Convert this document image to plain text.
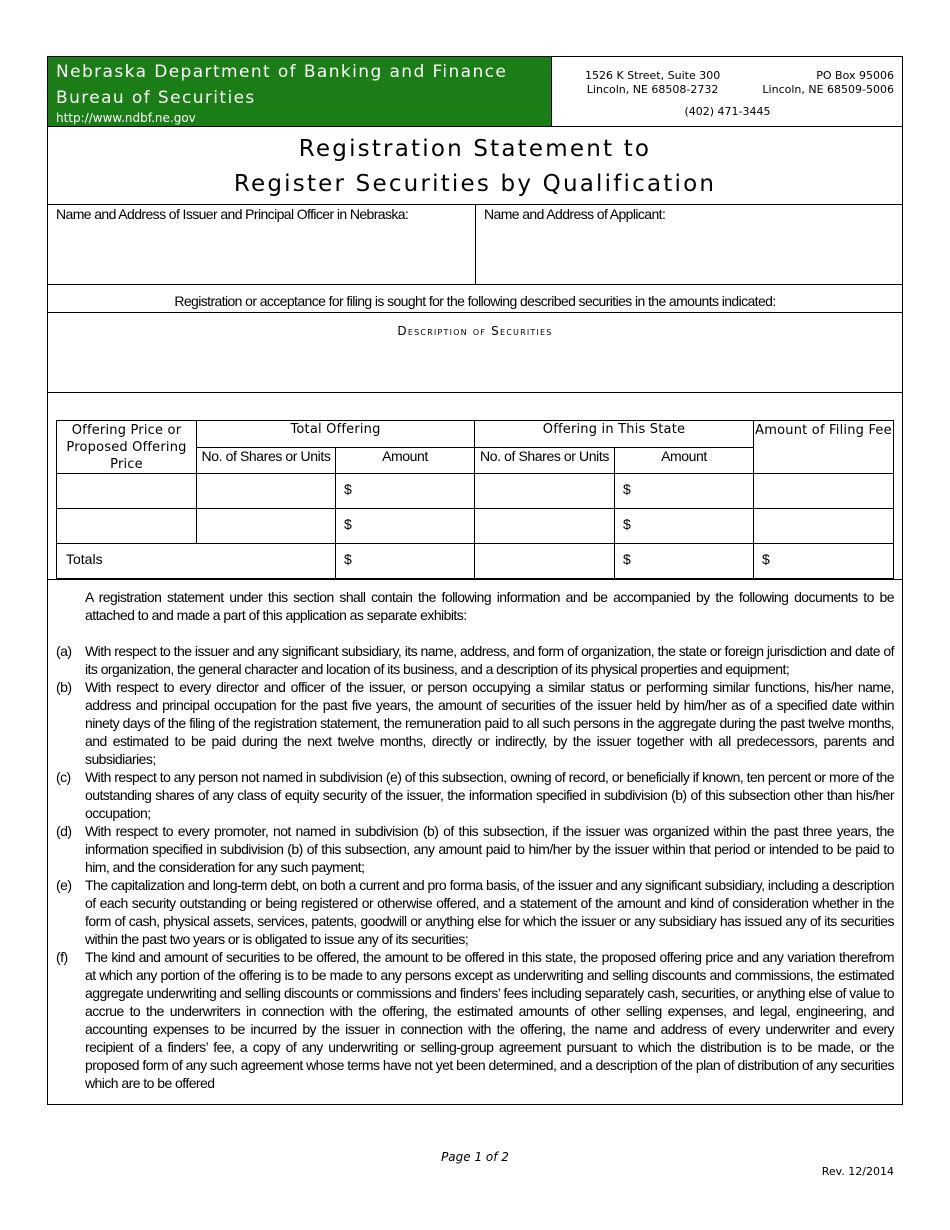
Nebraska Department of Banking and Finance
Bureau of Securities
http://www.ndbf.ne.gov
1526 K Street, Suite 300
Lincoln, NE 68508-2732
PO Box 95006
Lincoln, NE 68509-5006
(402) 471-3445
Registration Statement to
Register Securities by Qualification
Name and Address of Issuer and Principal Officer in Nebraska:	Name and Address of Applicant:
Registration or acceptance for filing is sought for the following described securities in the amounts indicated:
Description of Securities
Offering Price or Proposed Offering Price	Total Offering		Offering in This State		Amount of Filing Fee
	No. of Shares or Units	Amount	No. of Shares or Units	Amount	
		$		$	
		$		$	
Totals		$		$	$

A registration statement under this section shall contain the following information and be accompanied by the following documents to be attached to and made a part of this application as separate exhibits:

(a) With respect to the issuer and any significant subsidiary, its name, address, and form of organization, the state or foreign jurisdiction and date of its organization, the general character and location of its business, and a description of its physical properties and equipment;
(b) With respect to every director and officer of the issuer, or person occupying a similar status or performing similar functions, his/her name, address and principal occupation for the past five years, the amount of securities of the issuer held by him/her as of a specified date within ninety days of the filing of the registration statement, the remuneration paid to all such persons in the aggregate during the past twelve months, and estimated to be paid during the next twelve months, directly or indirectly, by the issuer together with all predecessors, parents and subsidiaries;
(c)	With respect to any person not named in subdivision (e) of this subsection, owning of record, or beneficially if known, ten percent or more of the outstanding shares of any class of equity security of the issuer, the information specified in subdivision (b) of this subsection other than his/her occupation;
(d) With respect to every promoter, not named in subdivision (b) of this subsection, if the issuer was organized within the past three years, the information specified in subdivision (b) of this subsection, any amount paid to him/her by the issuer within that period or intended to be paid to him, and the consideration for any such payment;
(e) The capitalization and long-term debt, on both a current and pro forma basis, of the issuer and any significant subsidiary, including a description of each security outstanding or being registered or otherwise offered, and a statement of the amount and kind of consideration whether in the form of cash, physical assets, services, patents, goodwill or anything else for which the issuer or any subsidiary has issued any of its securities within the past two years or is obligated to issue any of its securities;
(f)	The kind and amount of securities to be offered, the amount to be offered in this state, the proposed offering price and any variation therefrom at which any portion of the offering is to be made to any persons except as underwriting and selling discounts and commissions, the estimated aggregate underwriting and selling discounts or commissions and finders’ fees including separately cash, securities, or anything else of value to accrue to the underwriters in connection with the offering, the estimated amounts of other selling expenses, and legal, engineering, and accounting expenses to be incurred by the issuer in connection with the offering, the name and address of every underwriter and every recipient of a finders’ fee, a copy of any underwriting or selling-group agreement pursuant to which the distribution is to be made, or the proposed form of any such agreement whose terms have not yet been determined, and a description of the plan of distribution of any securities which are to be offered
Page 1 of 2
Rev. 12/2014
